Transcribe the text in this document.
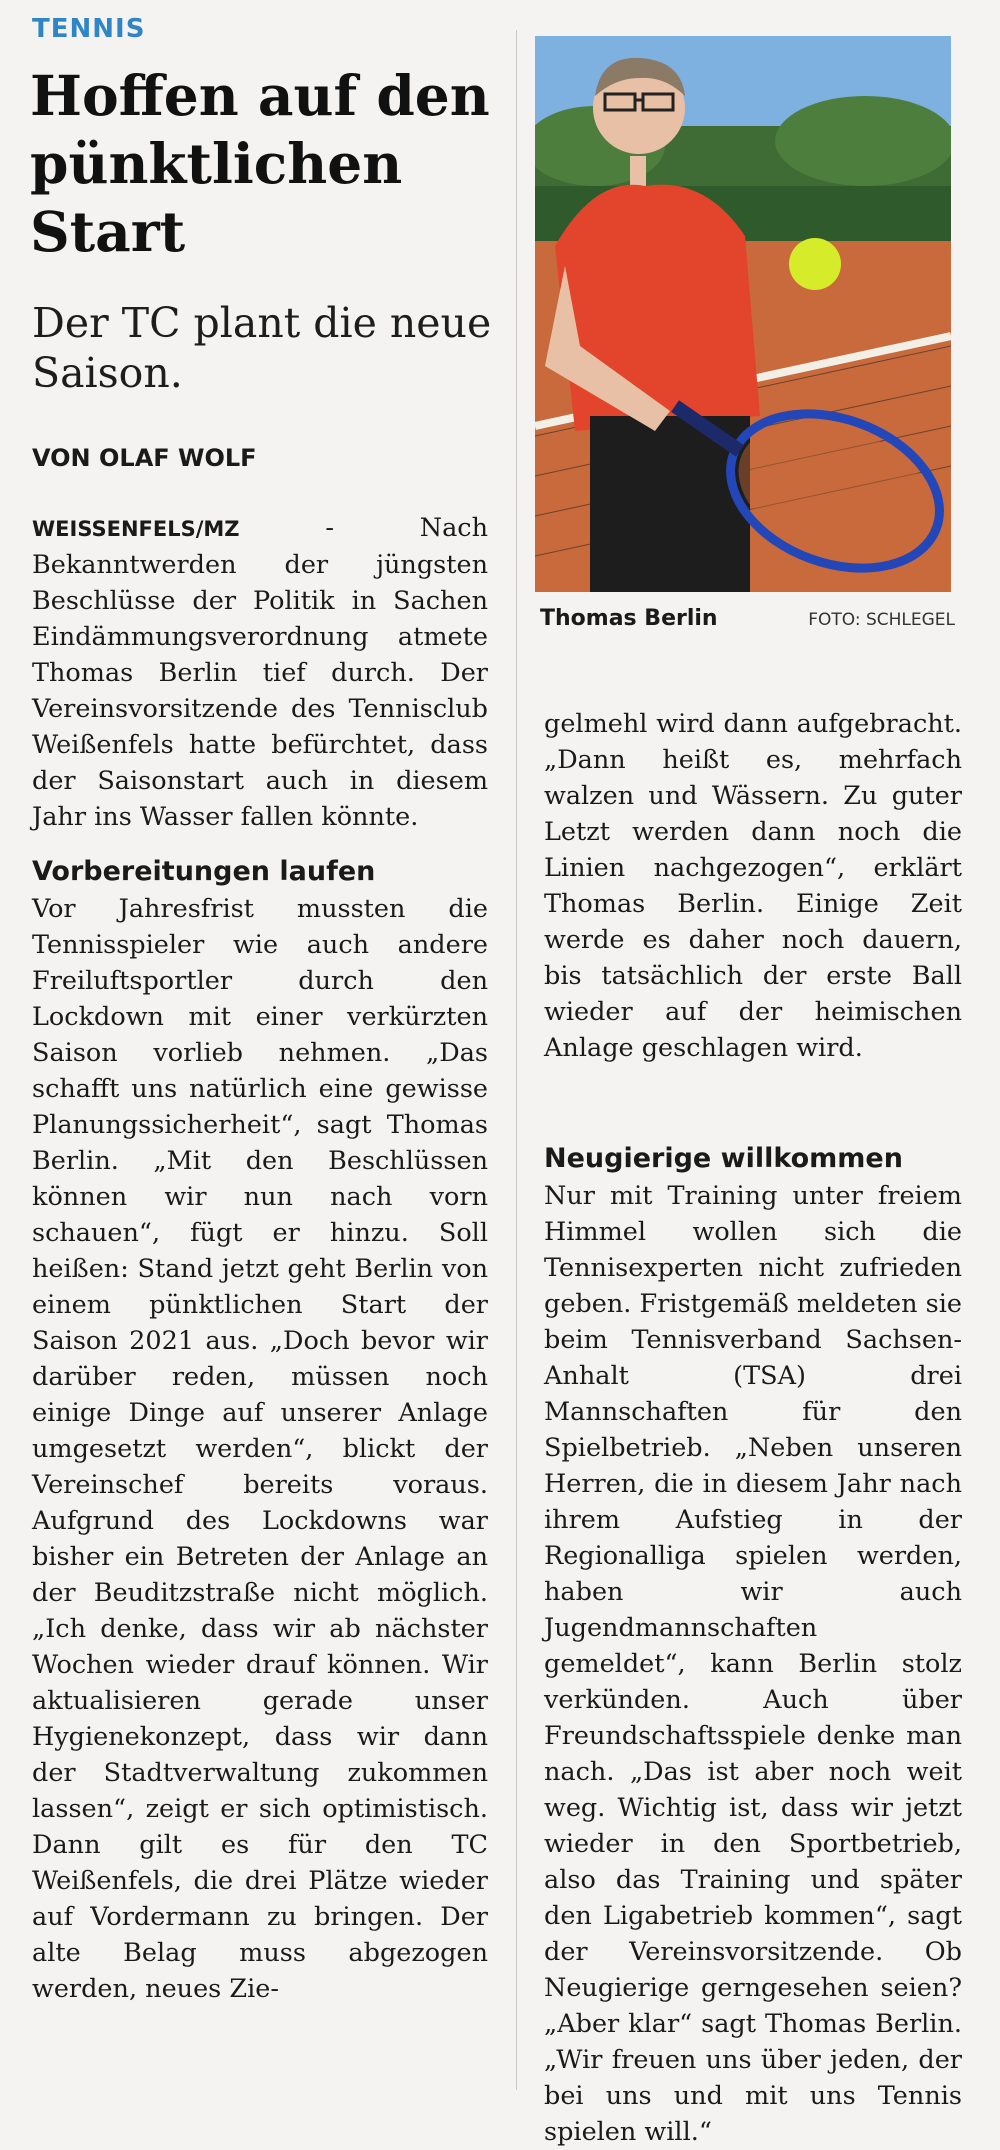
TENNIS
Hoffen auf den pünktlichen Start
Der TC plant die neue Saison.
VON OLAF WOLF

WEISSENFELS/MZ	- Nach Bekanntwerden der jüngsten Beschlüsse der Politik in Sachen Eindämmungsverordnung atmete Thomas Berlin tief durch. Der Vereinsvorsitzende des Tennisclub Weißenfels hatte befürchtet, dass der Saisonstart auch in diesem Jahr ins Wasser fallen könnte.

Vorbereitungen laufen

Vor Jahresfrist mussten die Tennisspieler wie auch andere Freiluftsportler durch den Lockdown mit einer verkürzten Saison vorlieb nehmen. „Das schafft uns natürlich eine gewisse Planungssicherheit“, sagt Thomas Berlin. „Mit den Beschlüssen können wir nun nach vorn schauen“, fügt er hinzu. Soll heißen: Stand jetzt geht Berlin von einem pünktlichen Start der Saison 2021 aus. „Doch bevor wir darüber reden, müssen noch einige Dinge auf unserer Anlage umgesetzt werden“, blickt der Vereinschef bereits voraus. Aufgrund des Lockdowns war bisher ein Betreten der Anlage an der Beuditzstraße nicht möglich. „Ich denke, dass wir ab nächster Wochen wieder drauf können. Wir aktualisieren gerade unser Hygienekonzept, dass wir dann der Stadtverwaltung zukommen lassen“, zeigt er sich optimistisch. Dann gilt es für den TC Weißenfels, die drei Plätze wieder auf Vordermann zu bringen. Der alte Belag muss abgezogen werden, neues Zie-

Thomas Berlin	FOTO: SCHLEGEL

gelmehl wird dann aufgebracht. „Dann heißt es, mehrfach walzen und Wässern. Zu guter Letzt werden dann noch die Linien nachgezogen“, erklärt Thomas Berlin. Einige Zeit werde es daher noch dauern, bis tatsächlich der erste Ball wieder auf der heimischen Anlage geschlagen wird.

Neugierige willkommen

Nur mit Training unter freiem Himmel wollen sich die Tennisexperten nicht zufrieden geben. Fristgemäß meldeten sie beim Tennisverband Sachsen-Anhalt (TSA) drei Mannschaften für den Spielbetrieb. „Neben unseren Herren, die in diesem Jahr nach ihrem Aufstieg in der Regionalliga spielen werden, haben wir auch Jugendmannschaften gemeldet“, kann Berlin stolz verkünden. Auch über Freundschaftsspiele denke man nach. „Das ist aber noch weit weg. Wichtig ist, dass wir jetzt wieder in den Sportbetrieb, also das Training und später den Ligabetrieb kommen“, sagt der Vereinsvorsitzende. Ob Neugierige gerngesehen seien? „Aber klar“ sagt Thomas Berlin. „Wir freuen uns über jeden, der bei uns und mit uns Tennis spielen will.“
